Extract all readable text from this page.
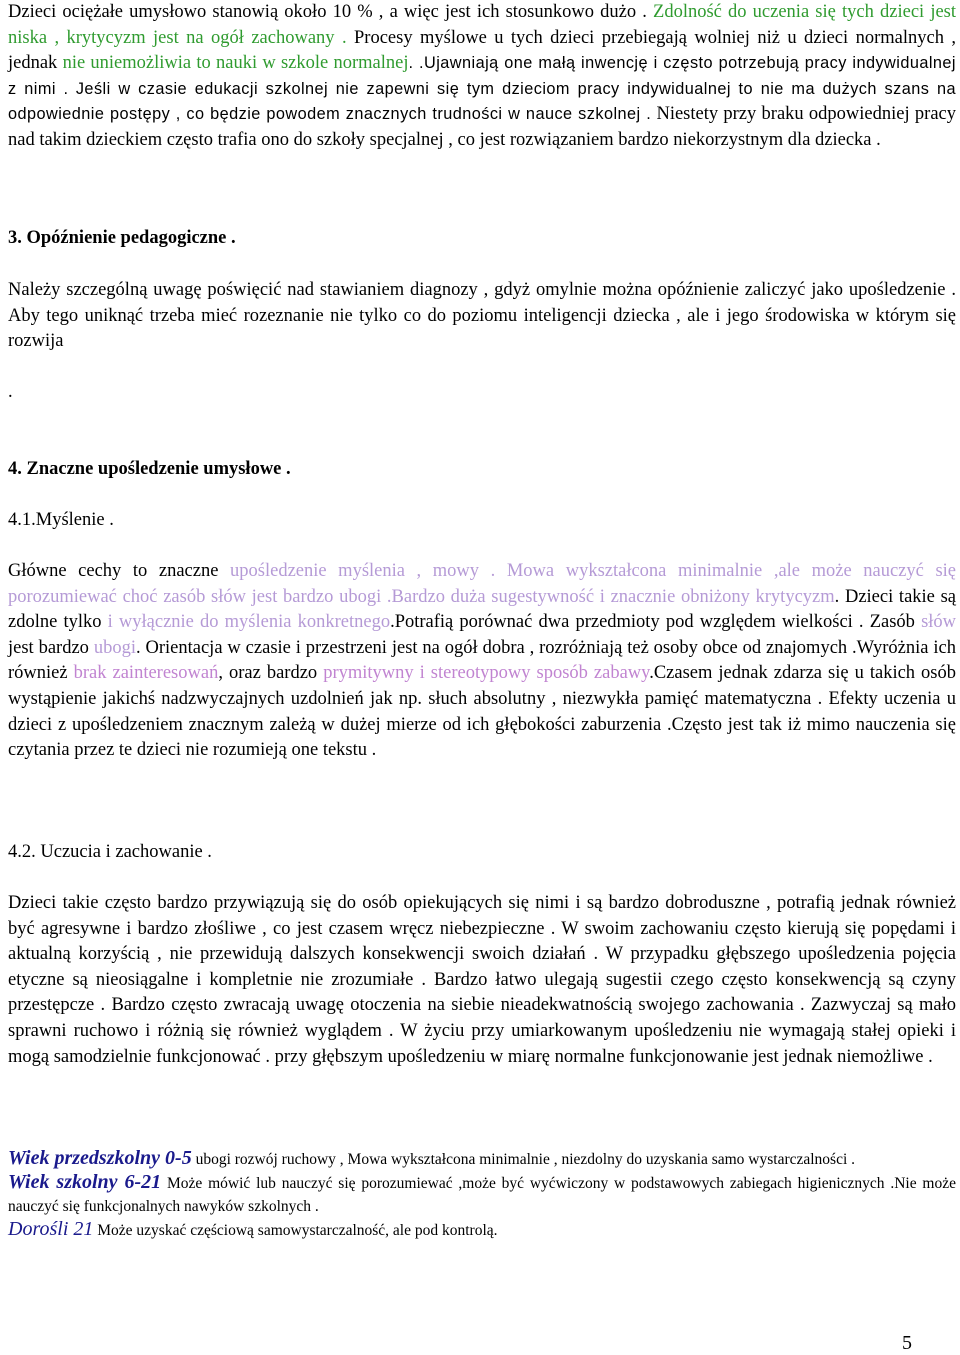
Dzieci ociężałe umysłowo stanowią około 10 % , a więc jest ich stosunkowo dużo . Zdolność do uczenia się tych dzieci jest niska , krytycyzm jest na ogół zachowany . Procesy myślowe u tych dzieci przebiegają wolniej niż u dzieci normalnych , jednak nie uniemożliwia to nauki w szkole normalnej. .Ujawniają one małą inwencję i często potrzebują pracy indywidualnej z nimi . Jeśli w czasie edukacji szkolnej nie zapewni się tym dzieciom pracy indywidualnej to nie ma dużych szans na odpowiednie postępy , co będzie powodem znacznych trudności w nauce szkolnej . Niestety przy braku odpowiedniej pracy nad takim dzieckiem często trafia ono do szkoły specjalnej , co jest rozwiązaniem bardzo niekorzystnym dla dziecka .

3. Opóźnienie pedagogiczne .

Należy szczególną uwagę poświęcić nad stawianiem diagnozy , gdyż omylnie można opóźnienie zaliczyć jako upośledzenie . Aby tego uniknąć trzeba mieć rozeznanie nie tylko co do poziomu inteligencji dziecka , ale i jego środowiska w którym się rozwija

.

4. Znaczne upośledzenie umysłowe .

4.1.Myślenie .

Główne cechy to znaczne upośledzenie myślenia , mowy . Mowa wykształcona minimalnie ,ale może nauczyć się porozumiewać choć zasób słów jest bardzo ubogi .Bardzo duża sugestywność i znacznie obniżony krytycyzm. Dzieci takie są zdolne tylko i wyłącznie do myślenia konkretnego.Potrafią porównać dwa przedmioty pod względem wielkości . Zasób słów jest bardzo ubogi. Orientacja w czasie i przestrzeni jest na ogół dobra , rozróżniają też osoby obce od znajomych .Wyróżnia ich również brak zainteresowań, oraz bardzo prymitywny i stereotypowy sposób zabawy.Czasem jednak zdarza się u takich osób wystąpienie jakichś nadzwyczajnych uzdolnień jak np. słuch absolutny , niezwykła pamięć matematyczna . Efekty uczenia u dzieci z upośledzeniem znacznym zależą w dużej mierze od ich głębokości zaburzenia .Często jest tak iż mimo nauczenia się czytania przez te dzieci nie rozumieją one tekstu .

4.2. Uczucia i zachowanie .

Dzieci takie często bardzo przywiązują się do osób opiekujących się nimi i są bardzo dobroduszne , potrafią jednak również być agresywne i bardzo złośliwe , co jest czasem wręcz niebezpieczne . W swoim zachowaniu często kierują się popędami i aktualną korzyścią , nie przewidują dalszych konsekwencji swoich działań . W przypadku głębszego upośledzenia pojęcia etyczne są nieosiągalne i kompletnie nie zrozumiałe . Bardzo łatwo ulegają sugestii czego często konsekwencją są czyny przestępcze . Bardzo często zwracają uwagę otoczenia na siebie nieadekwatnością swojego zachowania . Zazwyczaj są mało sprawni ruchowo i różnią się również wyglądem . W życiu przy umiarkowanym upośledzeniu nie wymagają stałej opieki i mogą samodzielnie funkcjonować . przy głębszym upośledzeniu w miarę normalne funkcjonowanie jest jednak niemożliwe .

Wiek przedszkolny 0-5 ubogi rozwój ruchowy , Mowa wykształcona minimalnie , niezdolny do uzyskania samo wystarczalności .

Wiek szkolny 6-21 Może mówić lub nauczyć się porozumiewać ,może być wyćwiczony w podstawowych zabiegach higienicznych .Nie może nauczyć się funkcjonalnych nawyków szkolnych .

Dorośli 21 Może uzyskać częściową samowystarczalność, ale pod kontrolą.

5
